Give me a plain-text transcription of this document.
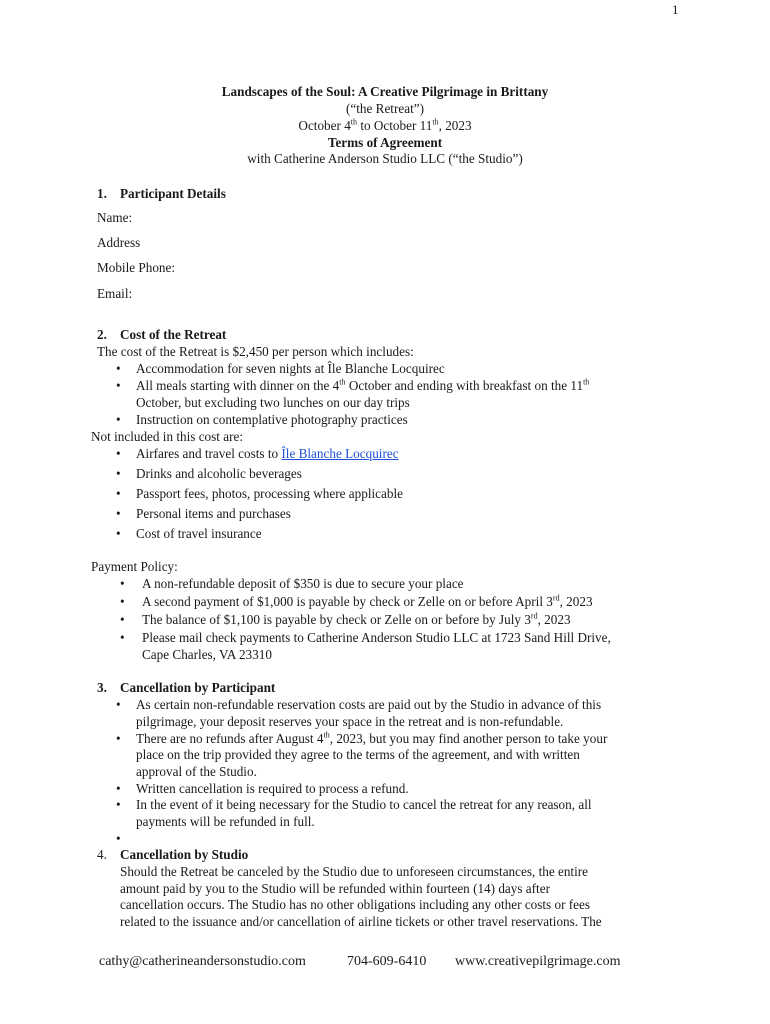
1
Landscapes of the Soul: A Creative Pilgrimage in Brittany
(“the Retreat”)
October 4th to October 11th, 2023
Terms of Agreement
with Catherine Anderson Studio LLC (“the Studio”)
1. Participant Details
Name:
Address
Mobile Phone:
Email:
2. Cost of the Retreat
The cost of the Retreat is $2,450 per person which includes:
Accommodation for seven nights at Île Blanche Locquirec
All meals starting with dinner on the 4th October and ending with breakfast on the 11th
October, but excluding two lunches on our day trips
Instruction on contemplative photography practices
Not included in this cost are:
Airfares and travel costs to Île Blanche Locquirec
Drinks and alcoholic beverages
Passport fees, photos, processing where applicable
Personal items and purchases
Cost of travel insurance
Payment Policy:
A non-refundable deposit of $350 is due to secure your place
A second payment of $1,000 is payable by check or Zelle on or before April 3rd, 2023
The balance of $1,100 is payable by check or Zelle on or before by July 3rd, 2023
Please mail check payments to Catherine Anderson Studio LLC at 1723 Sand Hill Drive,
Cape Charles, VA 23310
3. Cancellation by Participant
As certain non-refundable reservation costs are paid out by the Studio in advance of this
pilgrimage, your deposit reserves your space in the retreat and is non-refundable.
There are no refunds after August 4th, 2023, but you may find another person to take your
place on the trip provided they agree to the terms of the agreement, and with written
approval of the Studio.
Written cancellation is required to process a refund.
In the event of it being necessary for the Studio to cancel the retreat for any reason, all
payments will be refunded in full.
4. Cancellation by Studio
Should the Retreat be canceled by the Studio due to unforeseen circumstances, the entire
amount paid by you to the Studio will be refunded within fourteen (14) days after
cancellation occurs. The Studio has no other obligations including any other costs or fees
related to the issuance and/or cancellation of airline tickets or other travel reservations. The
cathy@catherineandersonstudio.com	704-609-6410 www.creativepilgrimage.com
